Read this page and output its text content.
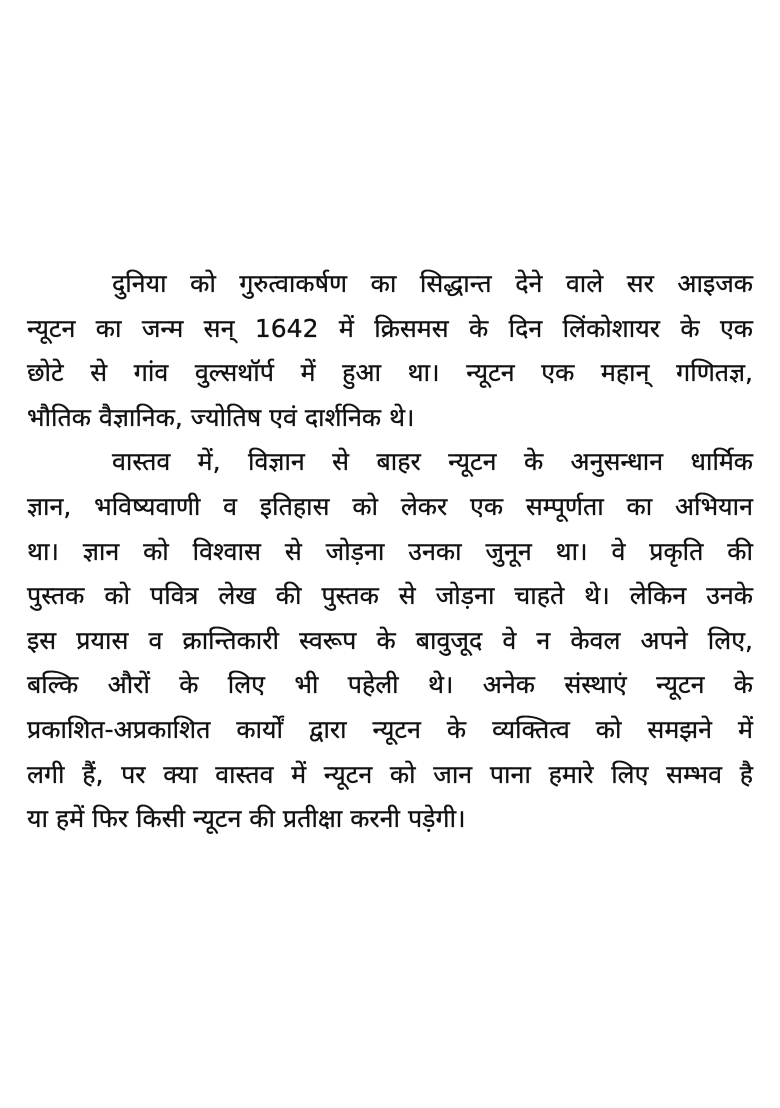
दुनिया को गुरुत्वाकर्षण का सिद्धान्त देने वाले सर आइजक
न्यूटन का जन्म सन् 1642 में क्रिसमस के दिन लिंकोशायर के एक
छोटे से गांव वुल्सथॉर्प में हुआ था। न्यूटन एक महान् गणितज्ञ,
भौतिक वैज्ञानिक, ज्योतिष एवं दार्शनिक थे।
वास्तव में, विज्ञान से बाहर न्यूटन के अनुसन्धान धार्मिक
ज्ञान, भविष्यवाणी व इतिहास को लेकर एक सम्पूर्णता का अभियान
था। ज्ञान को विश्वास से जोड़ना उनका जुनून था। वे प्रकृति की
पुस्तक को पवित्र लेख की पुस्तक से जोड़ना चाहते थे। लेकिन उनके
इस प्रयास व क्रान्तिकारी स्वरूप के बावुजूद वे न केवल अपने लिए,
बल्कि औरों के लिए भी पहेली थे। अनेक संस्थाएं न्यूटन के
प्रकाशित-अप्रकाशित कार्यों द्वारा न्यूटन के व्यक्तित्व को समझने में
लगी हैं, पर क्या वास्तव में न्यूटन को जान पाना हमारे लिए सम्भव है
या हमें फिर किसी न्यूटन की प्रतीक्षा करनी पड़ेगी।
